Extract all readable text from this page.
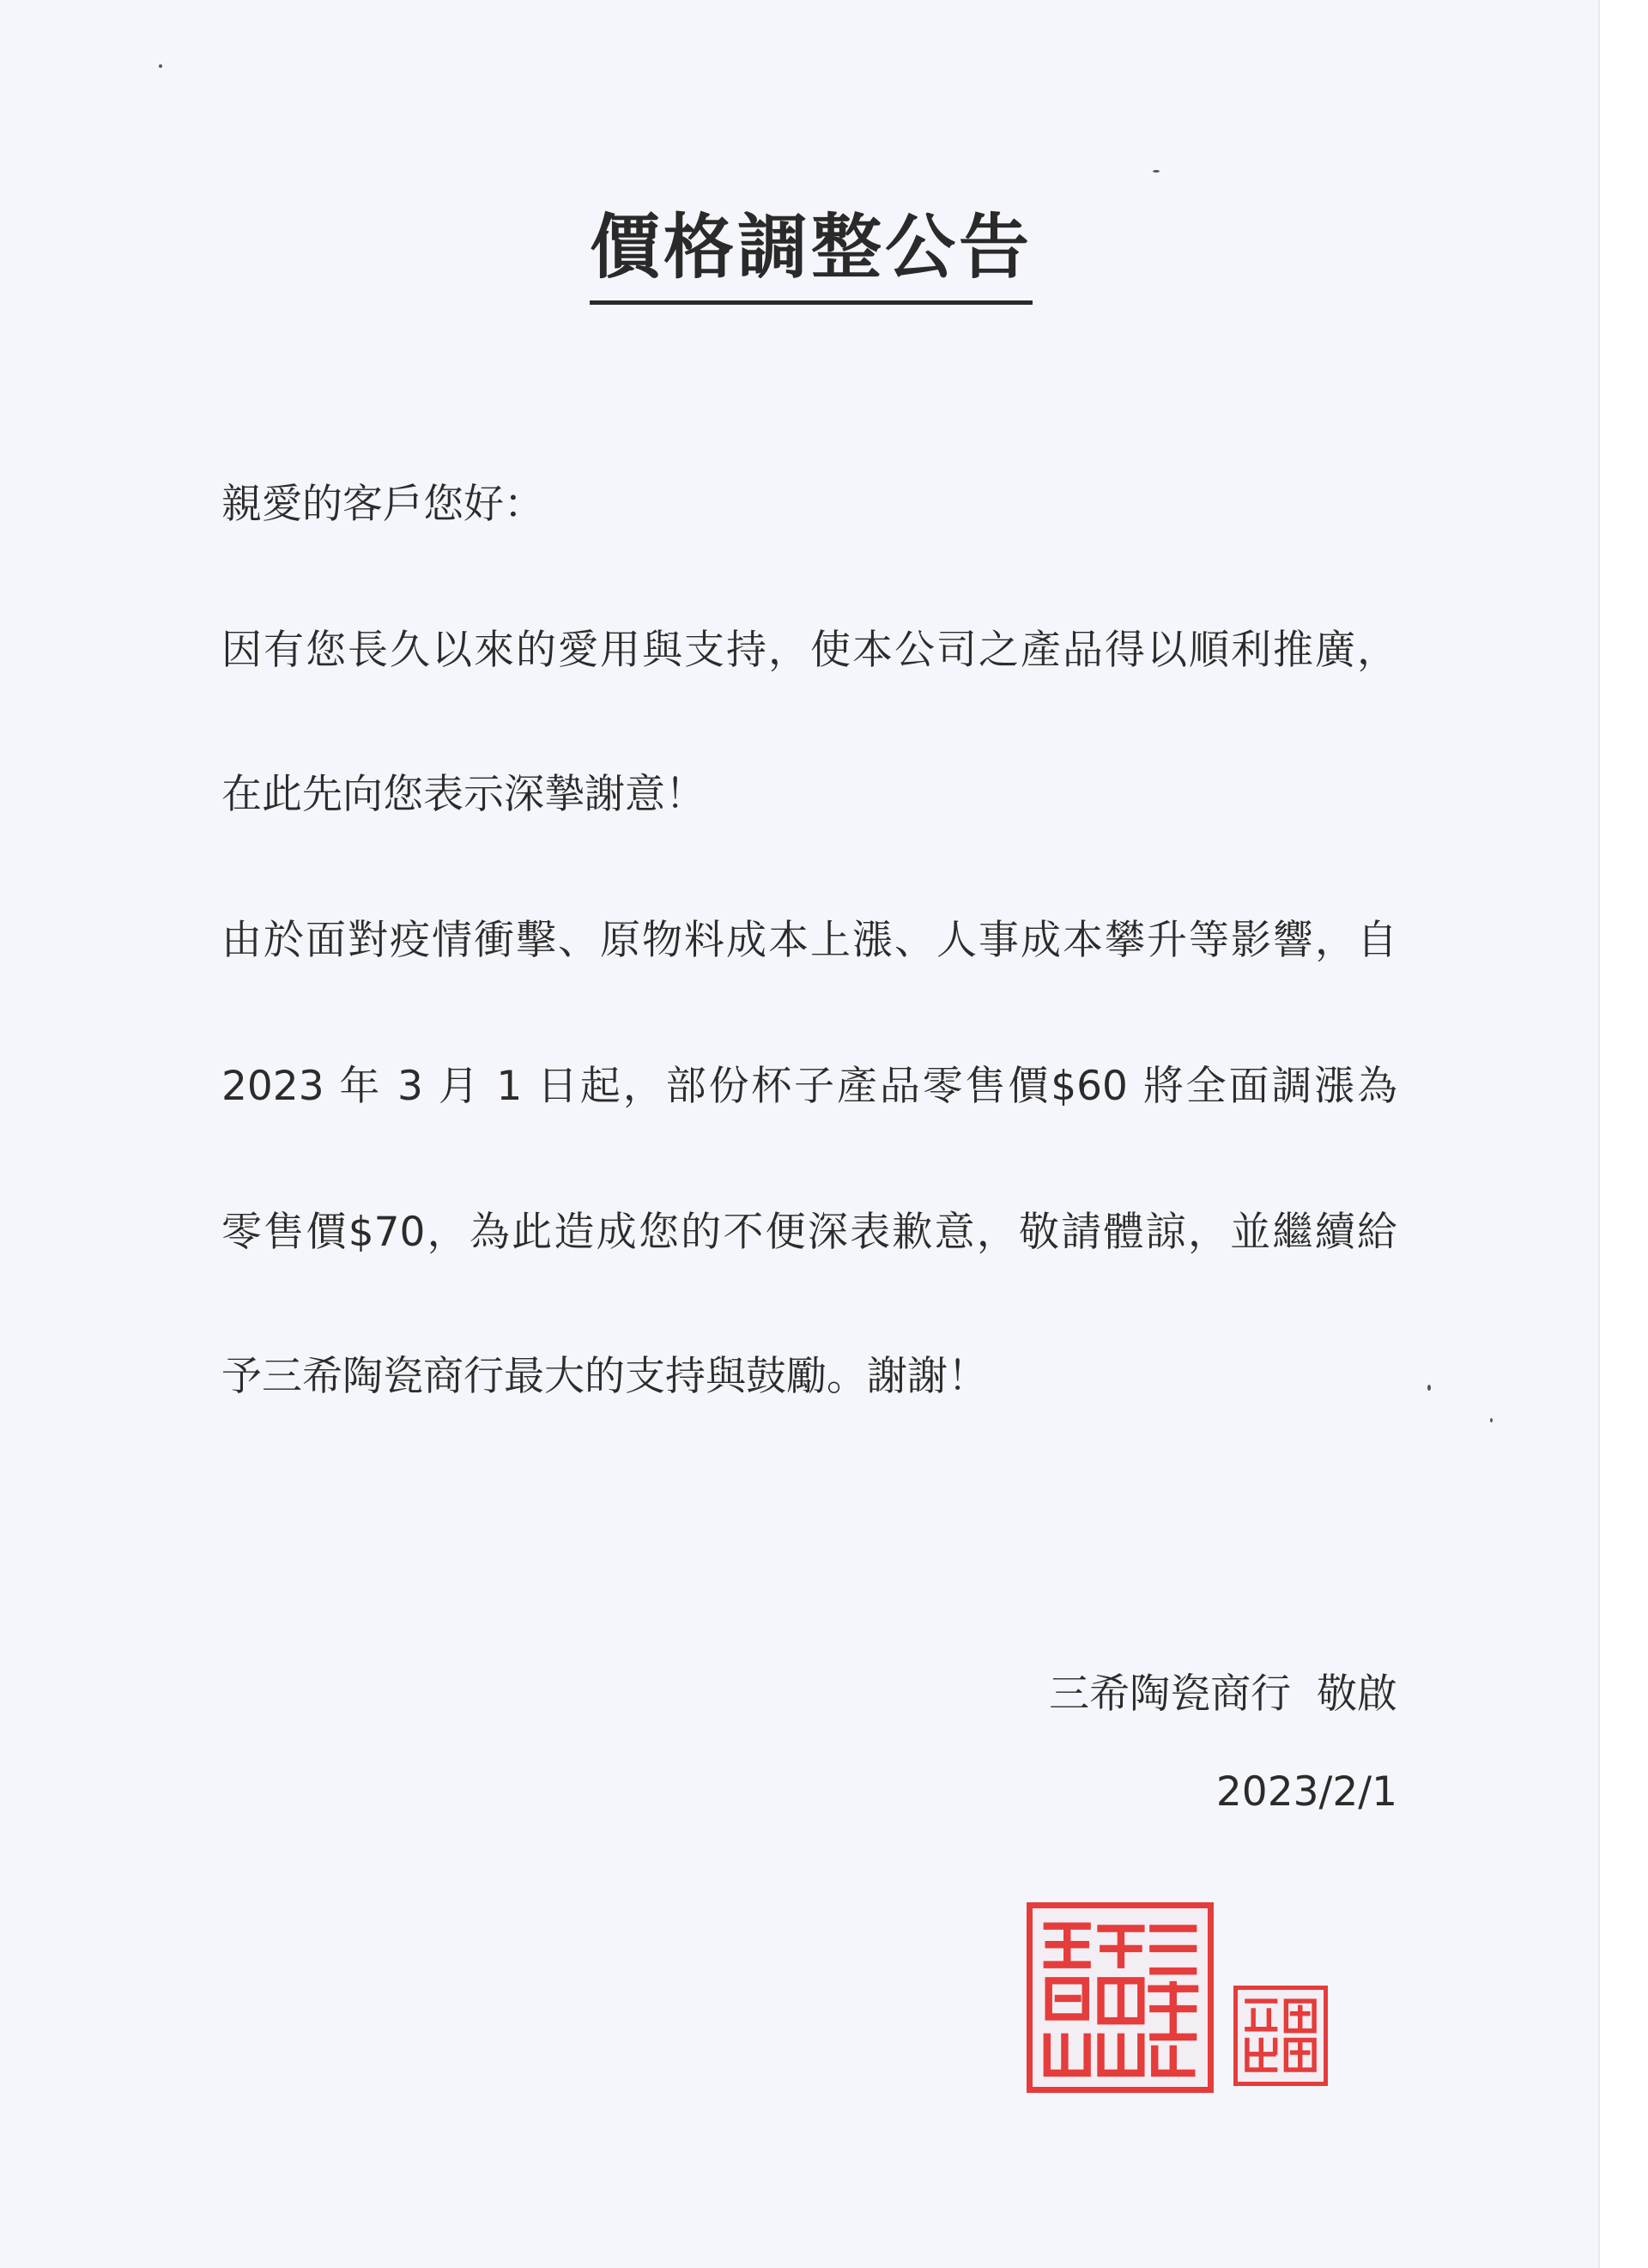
價格調整公告
親愛的客戶您好：
因有您長久以來的愛用與支持，使本公司之產品得以順利推廣，
在此先向您表示深摯謝意！
由於面對疫情衝擊、原物料成本上漲、人事成本攀升等影響，自
2023 年 3 月 1 日起，部份杯子產品零售價$60 將全面調漲為
零售價$70，為此造成您的不便深表歉意，敬請體諒，並繼續給
予三希陶瓷商行最大的支持與鼓勵。謝謝！
三希陶瓷商行  敬啟
2023/2/1
